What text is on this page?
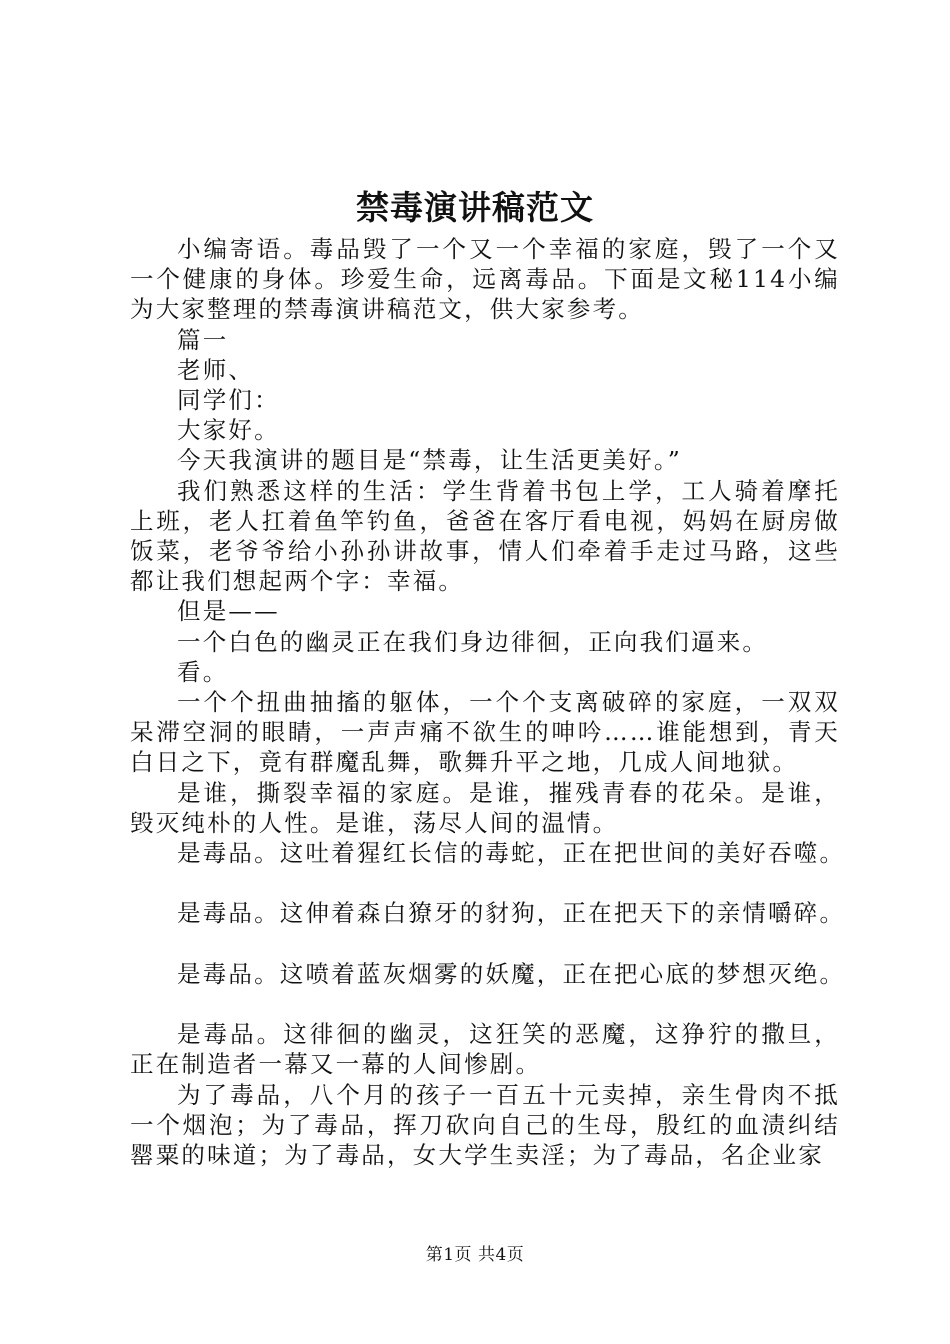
禁毒演讲稿范文

小编寄语。毒品毁了一个又一个幸福的家庭，毁了一个又一个健康的身体。珍爱生命，远离毒品。下面是文秘114小编为大家整理的禁毒演讲稿范文，供大家参考。

篇一

老师、

同学们：

大家好。

今天我演讲的题目是“禁毒，让生活更美好。”

我们熟悉这样的生活：学生背着书包上学，工人骑着摩托上班，老人扛着鱼竿钓鱼，爸爸在客厅看电视，妈妈在厨房做饭菜，老爷爷给小孙孙讲故事，情人们牵着手走过马路，这些都让我们想起两个字：幸福。

但是——

一个白色的幽灵正在我们身边徘徊，正向我们逼来。

看。

一个个扭曲抽搐的躯体，一个个支离破碎的家庭，一双双呆滞空洞的眼睛，一声声痛不欲生的呻吟……谁能想到，青天白日之下，竟有群魔乱舞，歌舞升平之地，几成人间地狱。

是谁，撕裂幸福的家庭。是谁，摧残青春的花朵。是谁，毁灭纯朴的人性。是谁，荡尽人间的温情。

是毒品。这吐着猩红长信的毒蛇，正在把世间的美好吞噬。

是毒品。这伸着森白獠牙的豺狗，正在把天下的亲情嚼碎。

是毒品。这喷着蓝灰烟雾的妖魔，正在把心底的梦想灭绝。

是毒品。这徘徊的幽灵，这狂笑的恶魔，这狰狞的撒旦，正在制造者一幕又一幕的人间惨剧。

为了毒品，八个月的孩子一百五十元卖掉，亲生骨肉不抵一个烟泡；为了毒品，挥刀砍向自己的生母，殷红的血渍纠结罂粟的味道；为了毒品，女大学生卖淫；为了毒品，名企业家

第1页 共4页
